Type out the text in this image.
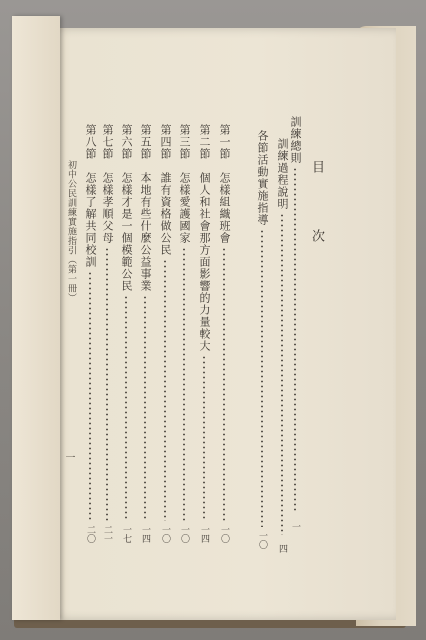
目 次
訓練總則
一
訓練過程說明
四
各節活動實施指導
一〇
第一節　怎樣組織班會
一〇
第二節　個人和社會那方面影響的力量較大
一四
第三節　怎樣愛護國家
一〇
第四節　誰有資格做公民
一〇
第五節　本地有些什麼公益事業
一四
第六節　怎樣才是一個模範公民
一七
第七節　怎樣孝順父母
二一
第八節　怎樣了解共同校訓
二〇
初中公民訓練實施指引（第一冊）
一
